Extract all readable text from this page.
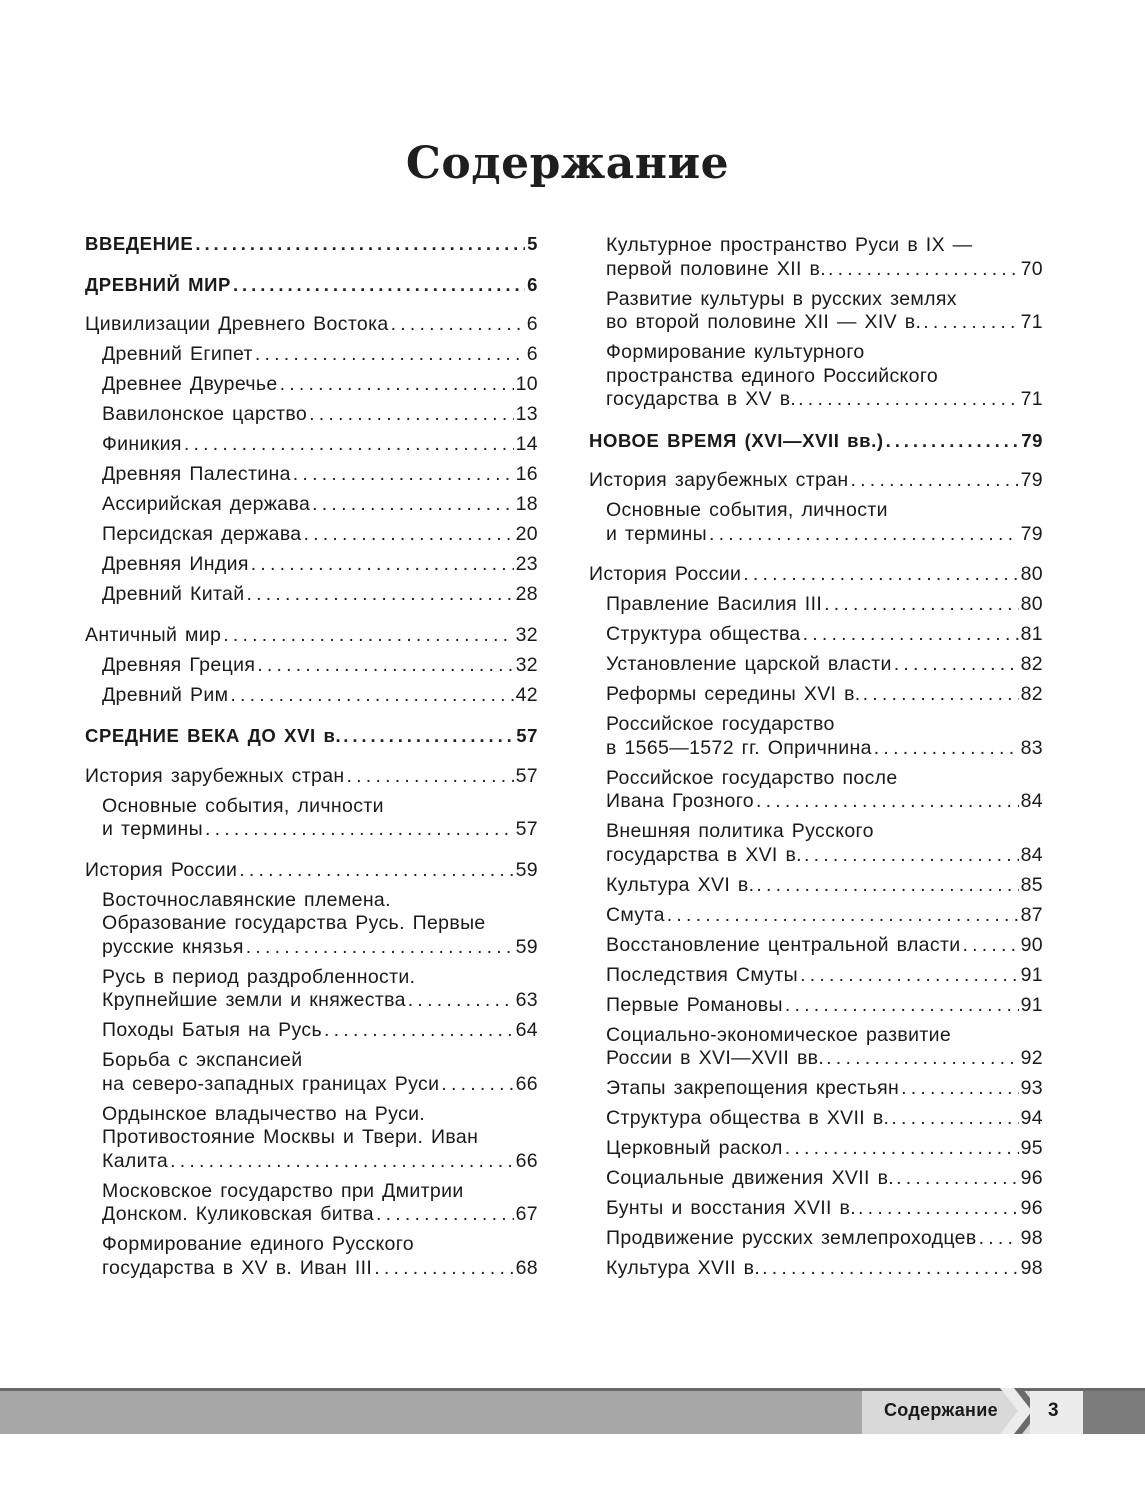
Содержание
ВВЕДЕНИЕ . . .	5
ДРЕВНИЙ МИР . . .	6
Цивилизации Древнего Востока . . .	6
Древний Египет . . .	6
Древнее Двуречье . . .	10
Вавилонское царство . . .	13
Финикия . . .	14
Древняя Палестина . . .	16
Ассирийская держава . . .	18
Персидская держава . . .	20
Древняя Индия . . .	23
Древний Китай . . .	28
Античный мир . . .	32
Древняя Греция . . .	32
Древний Рим . . .	42
СРЕДНИЕ ВЕКА ДО XVI в. . . .	57
История зарубежных стран . . .	57
Основные события, личности
и термины . . .	57
История России . . .	59
Восточнославянские племена.
Образование государства Русь. Первые
русские князья . . .	59
Русь в период раздробленности.
Крупнейшие земли и княжества . . .	63
Походы Батыя на Русь . . .	64
Борьба с экспансией
на северо-западных границах Руси . . .	66
Ордынское владычество на Руси.
Противостояние Москвы и Твери. Иван
Калита . . .	66
Московское государство при Дмитрии
Донском. Куликовская битва . . .	67
Формирование единого Русского
государства в XV в. Иван III . . .	68
Культурное пространство Руси в IX —
первой половине XII в. . . .	70
Развитие культуры в русских землях
во второй половине XII — XIV в. . . .	71
Формирование культурного
пространства единого Российского
государства в XV в. . . .	71
НОВОЕ ВРЕМЯ (XVI—XVII вв.) . . .	79
История зарубежных стран . . .	79
Основные события, личности
и термины . . .	79
История России . . .	80
Правление Василия III . . .	80
Структура общества . . .	81
Установление царской власти . . .	82
Реформы середины XVI в. . . .	82
Российское государство
в 1565—1572 гг. Опричнина . . .	83
Российское государство после
Ивана Грозного . . .	84
Внешняя политика Русского
государства в XVI в. . . .	84
Культура XVI в. . . .	85
Смута . . .	87
Восстановление центральной власти . . .	90
Последствия Смуты . . .	91
Первые Романовы . . .	91
Социально-экономическое развитие
России в XVI—XVII вв. . . .	92
Этапы закрепощения крестьян . . .	93
Структура общества в XVII в. . . .	94
Церковный раскол . . .	95
Социальные движения XVII в. . . .	96
Бунты и восстания XVII в. . . .	96
Продвижение русских землепроходцев . . . 98
Культура XVII в. . . .	98
Содержание	3
